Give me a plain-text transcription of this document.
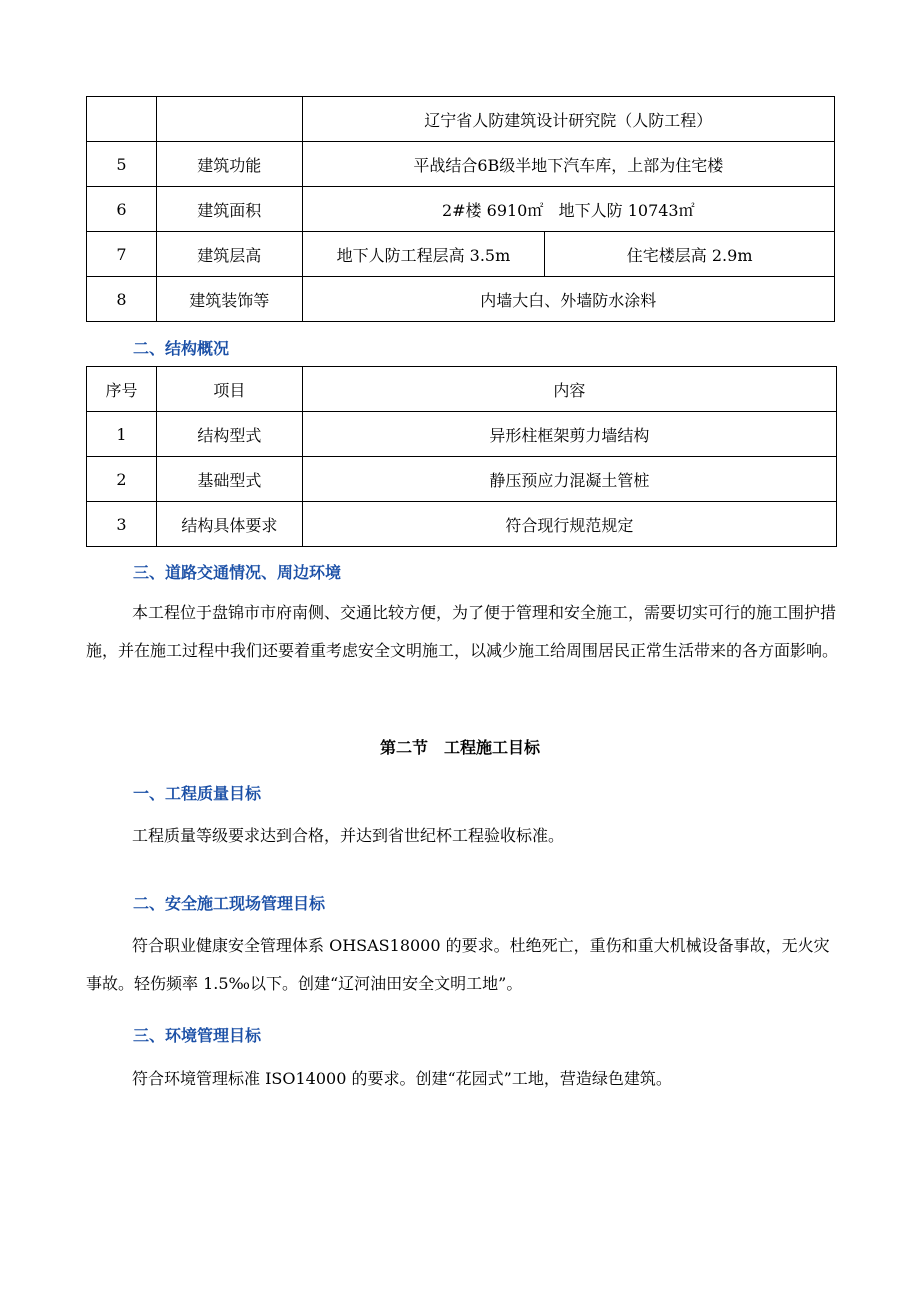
		辽宁省人防建筑设计研究院（人防工程）	
5	建筑功能	平战结合6B级半地下汽车库，上部为住宅楼	
6	建筑面积	2#楼 6910㎡   地下人防 10743㎡	
7	建筑层高	地下人防工程层高 3.5m	住宅楼层高 2.9m
8	建筑装饰等	内墙大白、外墙防水涂料	
二、结构概况
序号	项目	内容
1	结构型式	异形柱框架剪力墙结构
2	基础型式	静压预应力混凝土管桩
3	结构具体要求	符合现行规范规定
三、道路交通情况、周边环境

本工程位于盘锦市市府南侧、交通比较方便，为了便于管理和安全施工，需要切实可行的施工围护措施，并在施工过程中我们还要着重考虑安全文明施工，以减少施工给周围居民正常生活带来的各方面影响。

第二节　工程施工目标
一、工程质量目标

工程质量等级要求达到合格，并达到省世纪杯工程验收标准。

二、安全施工现场管理目标

符合职业健康安全管理体系 OHSAS18000 的要求。杜绝死亡，重伤和重大机械设备事故，无火灾事故。轻伤频率 1.5‰以下。创建“辽河油田安全文明工地”。

三、环境管理目标

符合环境管理标准 ISO14000 的要求。创建“花园式”工地，营造绿色建筑。
